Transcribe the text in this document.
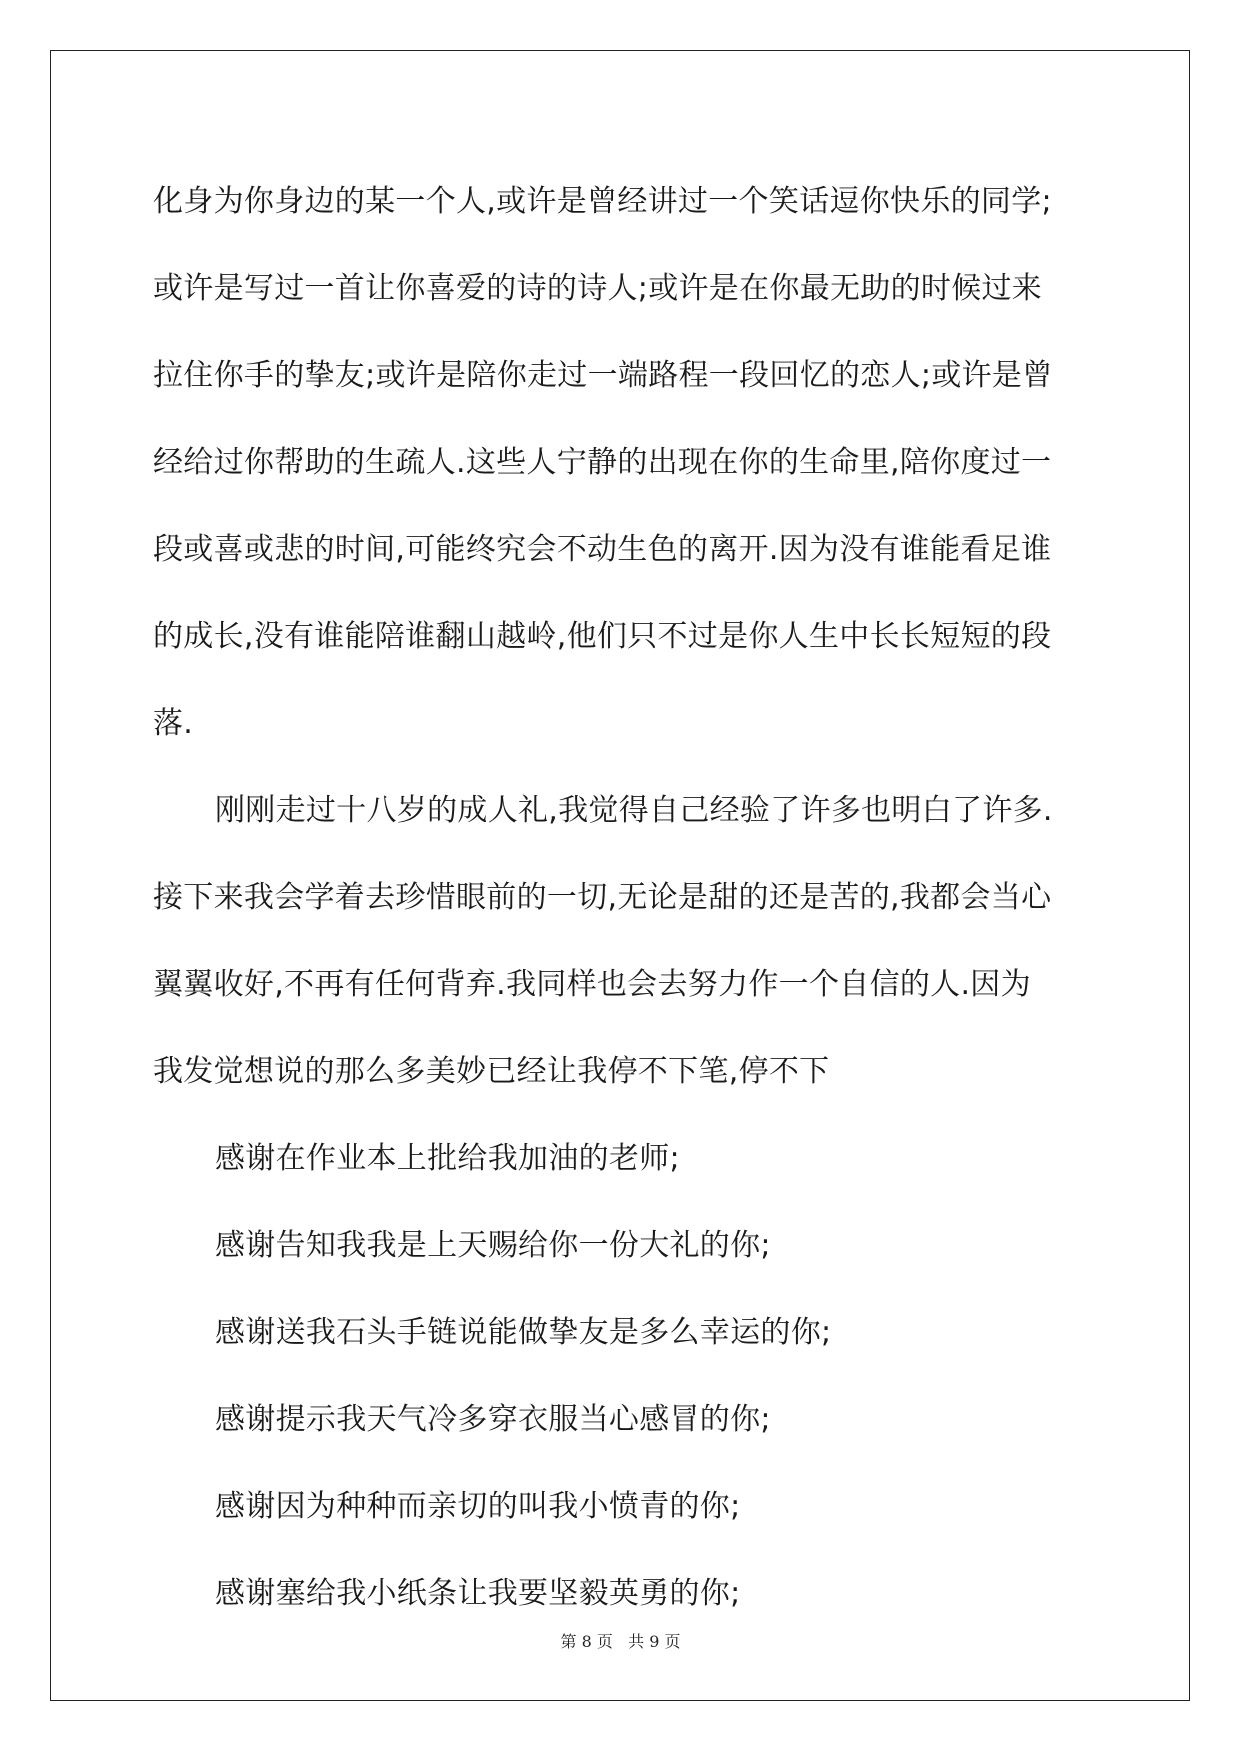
化身为你身边的某一个人,或许是曾经讲过一个笑话逗你快乐的同学;
或许是写过一首让你喜爱的诗的诗人;或许是在你最无助的时候过来
拉住你手的挚友;或许是陪你走过一端路程一段回忆的恋人;或许是曾
经给过你帮助的生疏人.这些人宁静的出现在你的生命里,陪你度过一
段或喜或悲的时间,可能终究会不动生色的离开.因为没有谁能看足谁
的成长,没有谁能陪谁翻山越岭,他们只不过是你人生中长长短短的段
落.
刚刚走过十八岁的成人礼,我觉得自己经验了许多也明白了许多.
接下来我会学着去珍惜眼前的一切,无论是甜的还是苦的,我都会当心
翼翼收好,不再有任何背弃.我同样也会去努力作一个自信的人.因为
我发觉想说的那么多美妙已经让我停不下笔,停不下
感谢在作业本上批给我加油的老师;
感谢告知我我是上天赐给你一份大礼的你;
感谢送我石头手链说能做挚友是多么幸运的你;
感谢提示我天气冷多穿衣服当心感冒的你;
感谢因为种种而亲切的叫我小愤青的你;
感谢塞给我小纸条让我要坚毅英勇的你;
第 8 页   共 9 页
